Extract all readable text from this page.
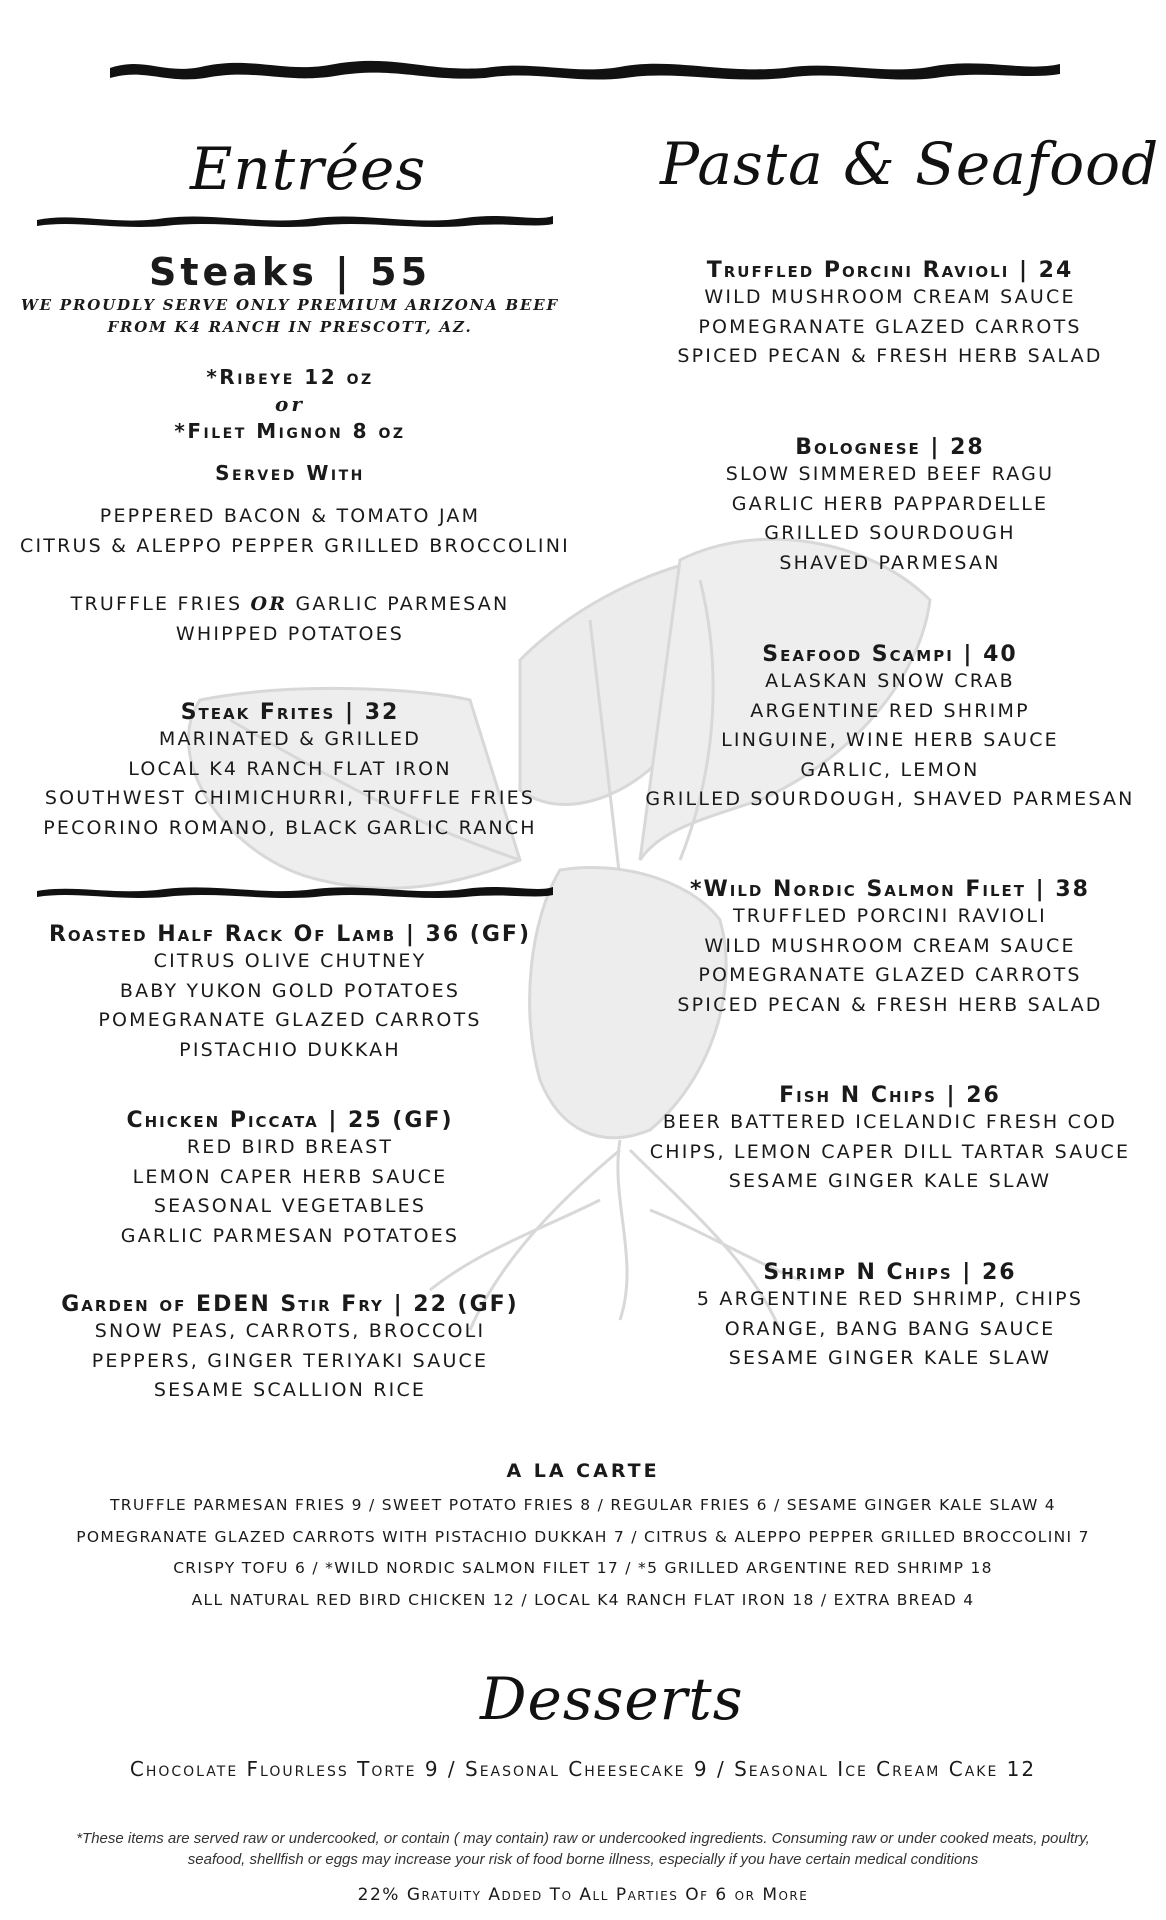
Entrées	Pasta & Seafood

Steaks | 55

WE PROUDLY SERVE ONLY PREMIUM ARIZONA BEEF

FROM K4 RANCH IN PRESCOTT, AZ.

*Ribeye 12 oz

or

*Filet Mignon 8 oz

Served With

PEPPERED BACON & TOMATO JAM

CITRUS & ALEPPO PEPPER GRILLED BROCCOLINI

TRUFFLE FRIES OR GARLIC PARMESAN

WHIPPED POTATOES

Steak Frites | 32

MARINATED & GRILLED

LOCAL K4 RANCH FLAT IRON

SOUTHWEST CHIMICHURRI, TRUFFLE FRIES

PECORINO ROMANO, BLACK GARLIC RANCH

Roasted Half Rack Of Lamb | 36 (GF)

CITRUS OLIVE CHUTNEY

BABY YUKON GOLD POTATOES

POMEGRANATE GLAZED CARROTS

PISTACHIO DUKKAH

Chicken Piccata | 25 (GF)

RED BIRD BREAST

LEMON CAPER HERB SAUCE

SEASONAL VEGETABLES

GARLIC PARMESAN POTATOES

Garden of EDEN Stir Fry | 22 (GF)

SNOW PEAS, CARROTS, BROCCOLI

PEPPERS, GINGER TERIYAKI SAUCE

SESAME SCALLION RICE

Truffled Porcini Ravioli | 24

WILD MUSHROOM CREAM SAUCE

POMEGRANATE GLAZED CARROTS

SPICED PECAN & FRESH HERB SALAD

Bolognese | 28

SLOW SIMMERED BEEF RAGU

GARLIC HERB PAPPARDELLE

GRILLED SOURDOUGH

SHAVED PARMESAN

Seafood Scampi | 40

ALASKAN SNOW CRAB

ARGENTINE RED SHRIMP

LINGUINE, WINE HERB SAUCE

GARLIC, LEMON

GRILLED SOURDOUGH, SHAVED PARMESAN

*Wild Nordic Salmon Filet | 38

TRUFFLED PORCINI RAVIOLI

WILD MUSHROOM CREAM SAUCE

POMEGRANATE GLAZED CARROTS

SPICED PECAN & FRESH HERB SALAD

Fish N Chips | 26

BEER BATTERED ICELANDIC FRESH COD

CHIPS, LEMON CAPER DILL TARTAR SAUCE

SESAME GINGER KALE SLAW

Shrimp N Chips | 26

5 ARGENTINE RED SHRIMP, CHIPS

ORANGE, BANG BANG SAUCE

SESAME GINGER KALE SLAW

A LA CARTE

TRUFFLE PARMESAN FRIES 9 / SWEET POTATO FRIES 8 / REGULAR FRIES 6 / SESAME GINGER KALE SLAW 4

POMEGRANATE GLAZED CARROTS WITH PISTACHIO DUKKAH 7 / CITRUS & ALEPPO PEPPER GRILLED BROCCOLINI 7

CRISPY TOFU 6 / *WILD NORDIC SALMON FILET 17 / *5 GRILLED ARGENTINE RED SHRIMP 18

ALL NATURAL RED BIRD CHICKEN 12 / LOCAL K4 RANCH FLAT IRON 18 / EXTRA BREAD 4

Desserts

Chocolate Flourless Torte 9 / Seasonal Cheesecake 9 / Seasonal Ice Cream Cake 12

*These items are served raw or undercooked, or contain ( may contain) raw or undercooked ingredients. Consuming raw or under cooked meats, poultry,

seafood, shellfish or eggs may increase your risk of food borne illness, especially if you have certain medical conditions

22% Gratuity Added To All Parties Of 6 or More
